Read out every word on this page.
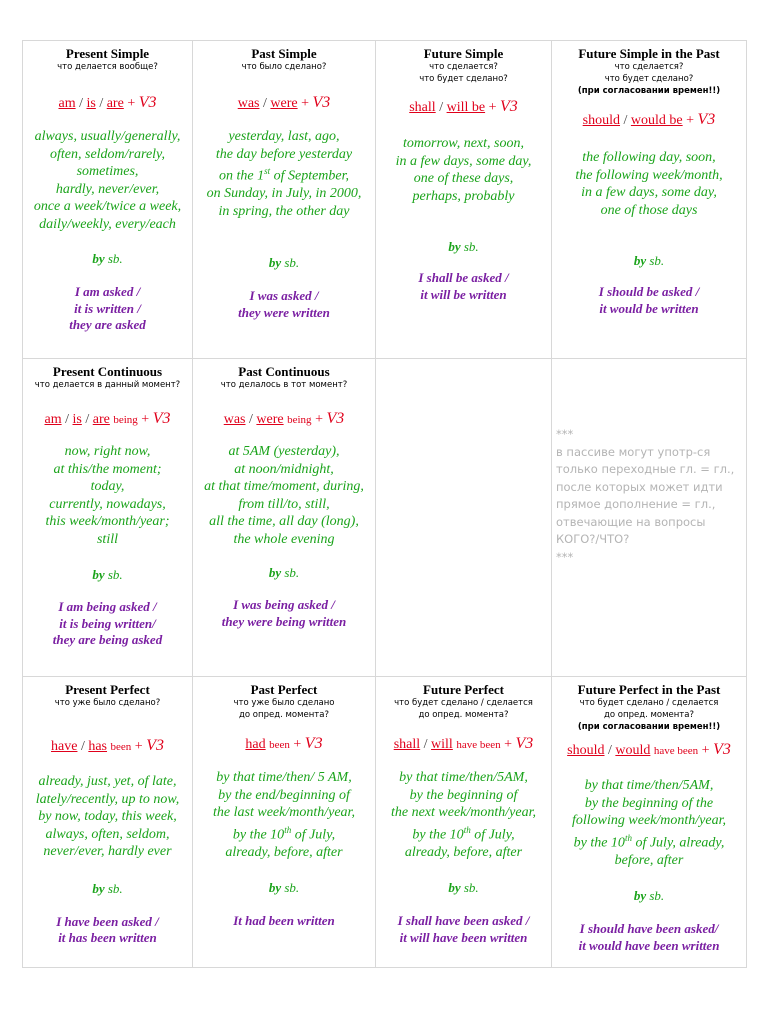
Present Simple
что делается вообще?
am / is / are + V3
always, usually/generally,
often, seldom/rarely,
sometimes,
hardly, never/ever,
once a week/twice a week,
daily/weekly, every/each
by sb.
I am asked /
it is written /
they are asked
Past Simple
что было сделано?
was / were + V3
yesterday, last, ago,
the day before yesterday
on the 1st of September,
on Sunday, in July, in 2000,
in spring, the other day
by sb.
I was asked /
they were written
Future Simple
что сделается?
что будет сделано?
shall / will be + V3
tomorrow, next, soon,
in a few days, some day,
one of these days,
perhaps, probably
by sb.
I shall be asked /
it will be written
Future Simple in the Past
что сделается?
что будет сделано?
(при согласовании времен!!)
should / would be + V3
the following day, soon,
the following week/month,
in a few days, some day,
one of those days
by sb.
I should be asked /
it would be written
Present Continuous
что делается в данный момент?
am / is / are being + V3
now, right now,
at this/the moment;
today,
currently, nowadays,
this week/month/year;
still
by sb.
I am being asked /
it is being written/
they are being asked
Past Continuous
что делалось в тот момент?
was / were being + V3
at 5AM (yesterday),
at noon/midnight,
at that time/moment, during,
from till/to, still,
all the time, all day (long),
the whole evening
by sb.
I was being asked /
they were being written
***
в пассиве могут употр-ся
только переходные гл. = гл.,
после которых может идти
прямое дополнение = гл.,
отвечающие на вопросы
КОГО?/ЧТО?
***
Present Perfect
что уже было сделано?
have / has been + V3
already, just, yet, of late,
lately/recently, up to now,
by now, today, this week,
always, often, seldom,
never/ever, hardly ever
by sb.
I have been asked /
it has been written
Past Perfect
что уже было сделано
до опред. момента?
had been + V3
by that time/then/ 5 AM,
by the end/beginning of
the last week/month/year,
by the 10th of July,
already, before, after
by sb.
It had been written
Future Perfect
что будет сделано / сделается
до опред. момента?
shall / will have been + V3
by that time/then/5AM,
by the beginning of
the next week/month/year,
by the 10th of July,
already, before, after
by sb.
I shall have been asked /
it will have been written
Future Perfect in the Past
что будет сделано / сделается
до опред. момента?
(при согласовании времен!!)
should / would have been + V3
by that time/then/5AM,
by the beginning of the
following week/month/year,
by the 10th of July, already,
before, after
by sb.
I should have been asked/
it would have been written
